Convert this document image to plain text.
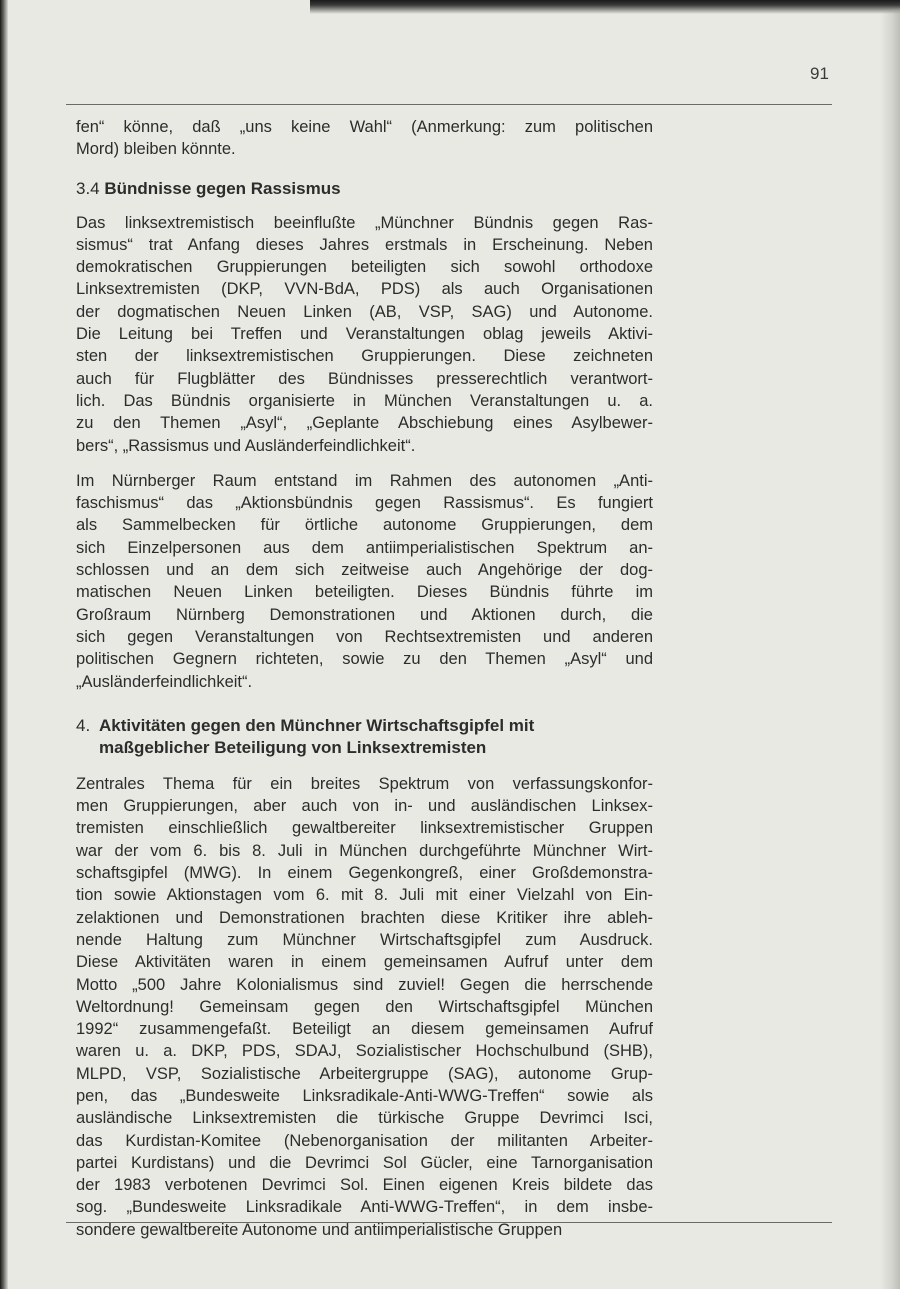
91

fen“ könne, daß „uns keine Wahl“ (Anmerkung: zum politischen
Mord) bleiben könnte.

3.4 Bündnisse gegen Rassismus

Das linksextremistisch beeinflußte „Münchner Bündnis gegen Ras-
sismus“ trat Anfang dieses Jahres erstmals in Erscheinung. Neben
demokratischen Gruppierungen beteiligten sich sowohl orthodoxe
Linksextremisten (DKP, VVN-BdA, PDS) als auch Organisationen
der dogmatischen Neuen Linken (AB, VSP, SAG) und Autonome.
Die Leitung bei Treffen und Veranstaltungen oblag jeweils Aktivi-
sten der linksextremistischen Gruppierungen. Diese zeichneten
auch für Flugblätter des Bündnisses presserechtlich verantwort-
lich. Das Bündnis organisierte in München Veranstaltungen u. a.
zu den Themen „Asyl“, „Geplante Abschiebung eines Asylbewer-
bers“, „Rassismus und Ausländerfeindlichkeit“.

Im Nürnberger Raum entstand im Rahmen des autonomen „Anti-
faschismus“ das „Aktionsbündnis gegen Rassismus“. Es fungiert
als Sammelbecken für örtliche autonome Gruppierungen, dem
sich Einzelpersonen aus dem antiimperialistischen Spektrum an-
schlossen und an dem sich zeitweise auch Angehörige der dog-
matischen Neuen Linken beteiligten. Dieses Bündnis führte im
Großraum Nürnberg Demonstrationen und Aktionen durch, die
sich gegen Veranstaltungen von Rechtsextremisten und anderen
politischen Gegnern richteten, sowie zu den Themen „Asyl“ und
„Ausländerfeindlichkeit“.

4. Aktivitäten gegen den Münchner Wirtschaftsgipfel mit
maßgeblicher Beteiligung von Linksextremisten

Zentrales Thema für ein breites Spektrum von verfassungskonfor-
men Gruppierungen, aber auch von in- und ausländischen Linksex-
tremisten einschließlich gewaltbereiter linksextremistischer Gruppen
war der vom 6. bis 8. Juli in München durchgeführte Münchner Wirt-
schaftsgipfel (MWG). In einem Gegenkongreß, einer Großdemonstra-
tion sowie Aktionstagen vom 6. mit 8. Juli mit einer Vielzahl von Ein-
zelaktionen und Demonstrationen brachten diese Kritiker ihre ableh-
nende Haltung zum Münchner Wirtschaftsgipfel zum Ausdruck.
Diese Aktivitäten waren in einem gemeinsamen Aufruf unter dem
Motto „500 Jahre Kolonialismus sind zuviel! Gegen die herrschende
Weltordnung! Gemeinsam gegen den Wirtschaftsgipfel München
1992“ zusammengefaßt. Beteiligt an diesem gemeinsamen Aufruf
waren u. a. DKP, PDS, SDAJ, Sozialistischer Hochschulbund (SHB),
MLPD, VSP, Sozialistische Arbeitergruppe (SAG), autonome Grup-
pen, das „Bundesweite Linksradikale-Anti-WWG-Treffen“ sowie als
ausländische Linksextremisten die türkische Gruppe Devrimci Isci,
das Kurdistan-Komitee (Nebenorganisation der militanten Arbeiter-
partei Kurdistans) und die Devrimci Sol Gücler, eine Tarnorganisation
der 1983 verbotenen Devrimci Sol. Einen eigenen Kreis bildete das
sog. „Bundesweite Linksradikale Anti-WWG-Treffen“, in dem insbe-
sondere gewaltbereite Autonome und antiimperialistische Gruppen
